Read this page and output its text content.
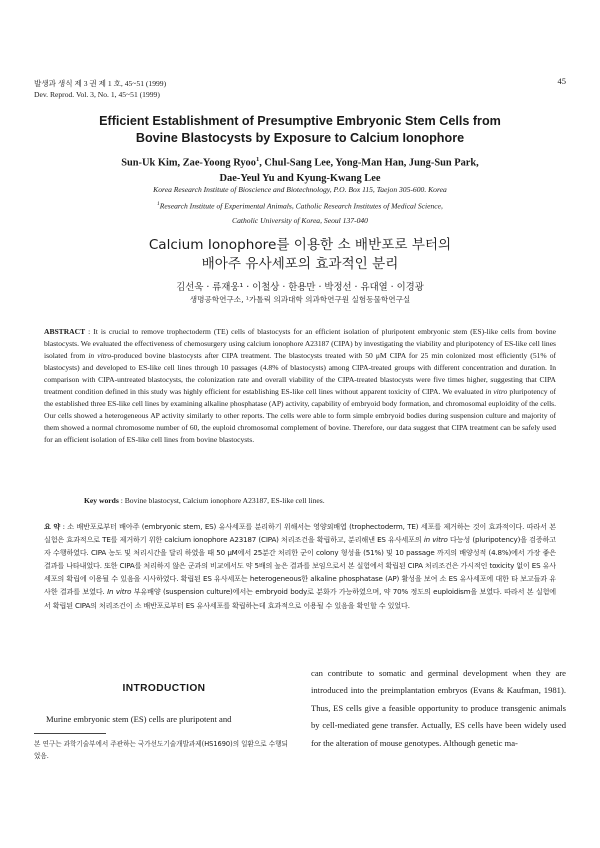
발생과 생식 제 3 권 제 1 호, 45~51 (1999)
Dev. Reprod. Vol. 3, No. 1, 45~51 (1999)
45
Efficient Establishment of Presumptive Embryonic Stem Cells from
Bovine Blastocysts by Exposure to Calcium Ionophore
Sun-Uk Kim, Zae-Yoong Ryoo$^1$, Chul-Sang Lee, Yong-Man Han, Jung-Sun Park,
Dae-Yeul Yu and Kyung-Kwang Lee
Korea Research Institute of Bioscience and Biotechnology, P.O. Box 115, Taejon 305-600. Korea
$^1$Research Institute of Experimental Animals, Catholic Research Institutes of Medical Science,
Catholic University of Korea, Seoul 137-040
Calcium Ionophore를 이용한 소 배반포로 부터의
배아주 유사세포의 효과적인 분리
김선욱 · 류재웅¹ · 이철상 · 한용만 · 박정선 · 유대열 · 이경광
생명공학연구소, ¹가톨릭 의과대학 의과학연구원 실험동물학연구실
ABSTRACT : It is crucial to remove trophectoderm (TE) cells of blastocysts for an efficient isolation of pluripotent embryonic stem (ES)-like cells from bovine blastocysts. We evaluated the effectiveness of chemosurgery using calcium ionophore A23187 (CIPA) by investigating the viability and pluripotency of ES-like cell lines isolated from in vitro-produced bovine blastocysts after CIPA treatment. The blastocysts treated with 50 μM CIPA for 25 min colonized most efficiently (51% of blastocysts) and developed to ES-like cell lines through 10 passages (4.8% of blastocysts) among CIPA-treated groups with different concentration and duration. In comparison with CIPA-untreated blastocysts, the colonization rate and overall viability of the CIPA-treated blastocysts were five times higher, suggesting that CIPA treatment condition defined in this study was highly efficient for establishing ES-like cell lines without apparent toxicity of CIPA. We evaluated in vitro pluripotency of the established three ES-like cell lines by examining alkaline phosphatase (AP) activity, capability of embryoid body formation, and chromosomal euploidity of the cells. Our cells showed a heterogeneous AP activity similarly to other reports. The cells were able to form simple embryoid bodies during suspension culture and majority of them showed a normal chromosome number of 60, the euploid chromosomal complement of bovine. Therefore, our data suggest that CIPA treatment can be safely used for an efficient isolation of ES-like cell lines from bovine blastocysts.
Key words : Bovine blastocyst, Calcium ionophore A23187, ES-like cell lines.
요 약 : 소 배반포로부터 배아주 (embryonic stem, ES) 유사세포를 분리하기 위해서는 영양외배엽 (trophectoderm, TE) 세포를 제거하는 것이 효과적이다. 따라서 본 실험은 효과적으로 TE를 제거하기 위한 calcium ionophore A23187 (CIPA) 처리조건을 확립하고, 분리해낸 ES 유사세포의 in vitro 다능성 (pluripotency)을 검증하고자 수행하였다. CIPA 농도 및 처리시간을 달리 하였을 때 50 μM에서 25분간 처리한 군이 colony 형성율 (51%) 및 10 passage 까지의 배양성적 (4.8%)에서 가장 좋은 결과를 나타내었다. 또한 CIPA를 처리하지 않은 군과의 비교에서도 약 5배의 높은 결과를 보임으로서 본 실험에서 확립된 CIPA 처리조건은 가시적인 toxicity 없이 ES 유사세포의 확립에 이용될 수 있음을 시사하였다. 확립된 ES 유사세포는 heterogeneous한 alkaline phosphatase (AP) 활성을 보여 소 ES 유사세포에 대한 타 보고들과 유사한 결과를 보였다. In vitro 부유배양 (suspension culture)에서는 embryoid body로 분화가 가능하였으며, 약 70% 정도의 euploidism을 보였다. 따라서 본 실험에서 확립된 CIPA의 처리조건이 소 배반포로부터 ES 유사세포를 확립하는데 효과적으로 이용될 수 있음을 확인할 수 있었다.
INTRODUCTION
Murine embryonic stem (ES) cells are pluripotent and
본 연구는 과학기술부에서 주관하는 국가선도기술개발과제(HS1690)의 일환으로 수행되었음.
can contribute to somatic and germinal development when they are introduced into the preimplantation embryos (Evans & Kaufman, 1981). Thus, ES cells give a feasible opportunity to produce transgenic animals by cell-mediated gene transfer. Actually, ES cells have been widely used for the alteration of mouse genotypes. Although genetic ma-
